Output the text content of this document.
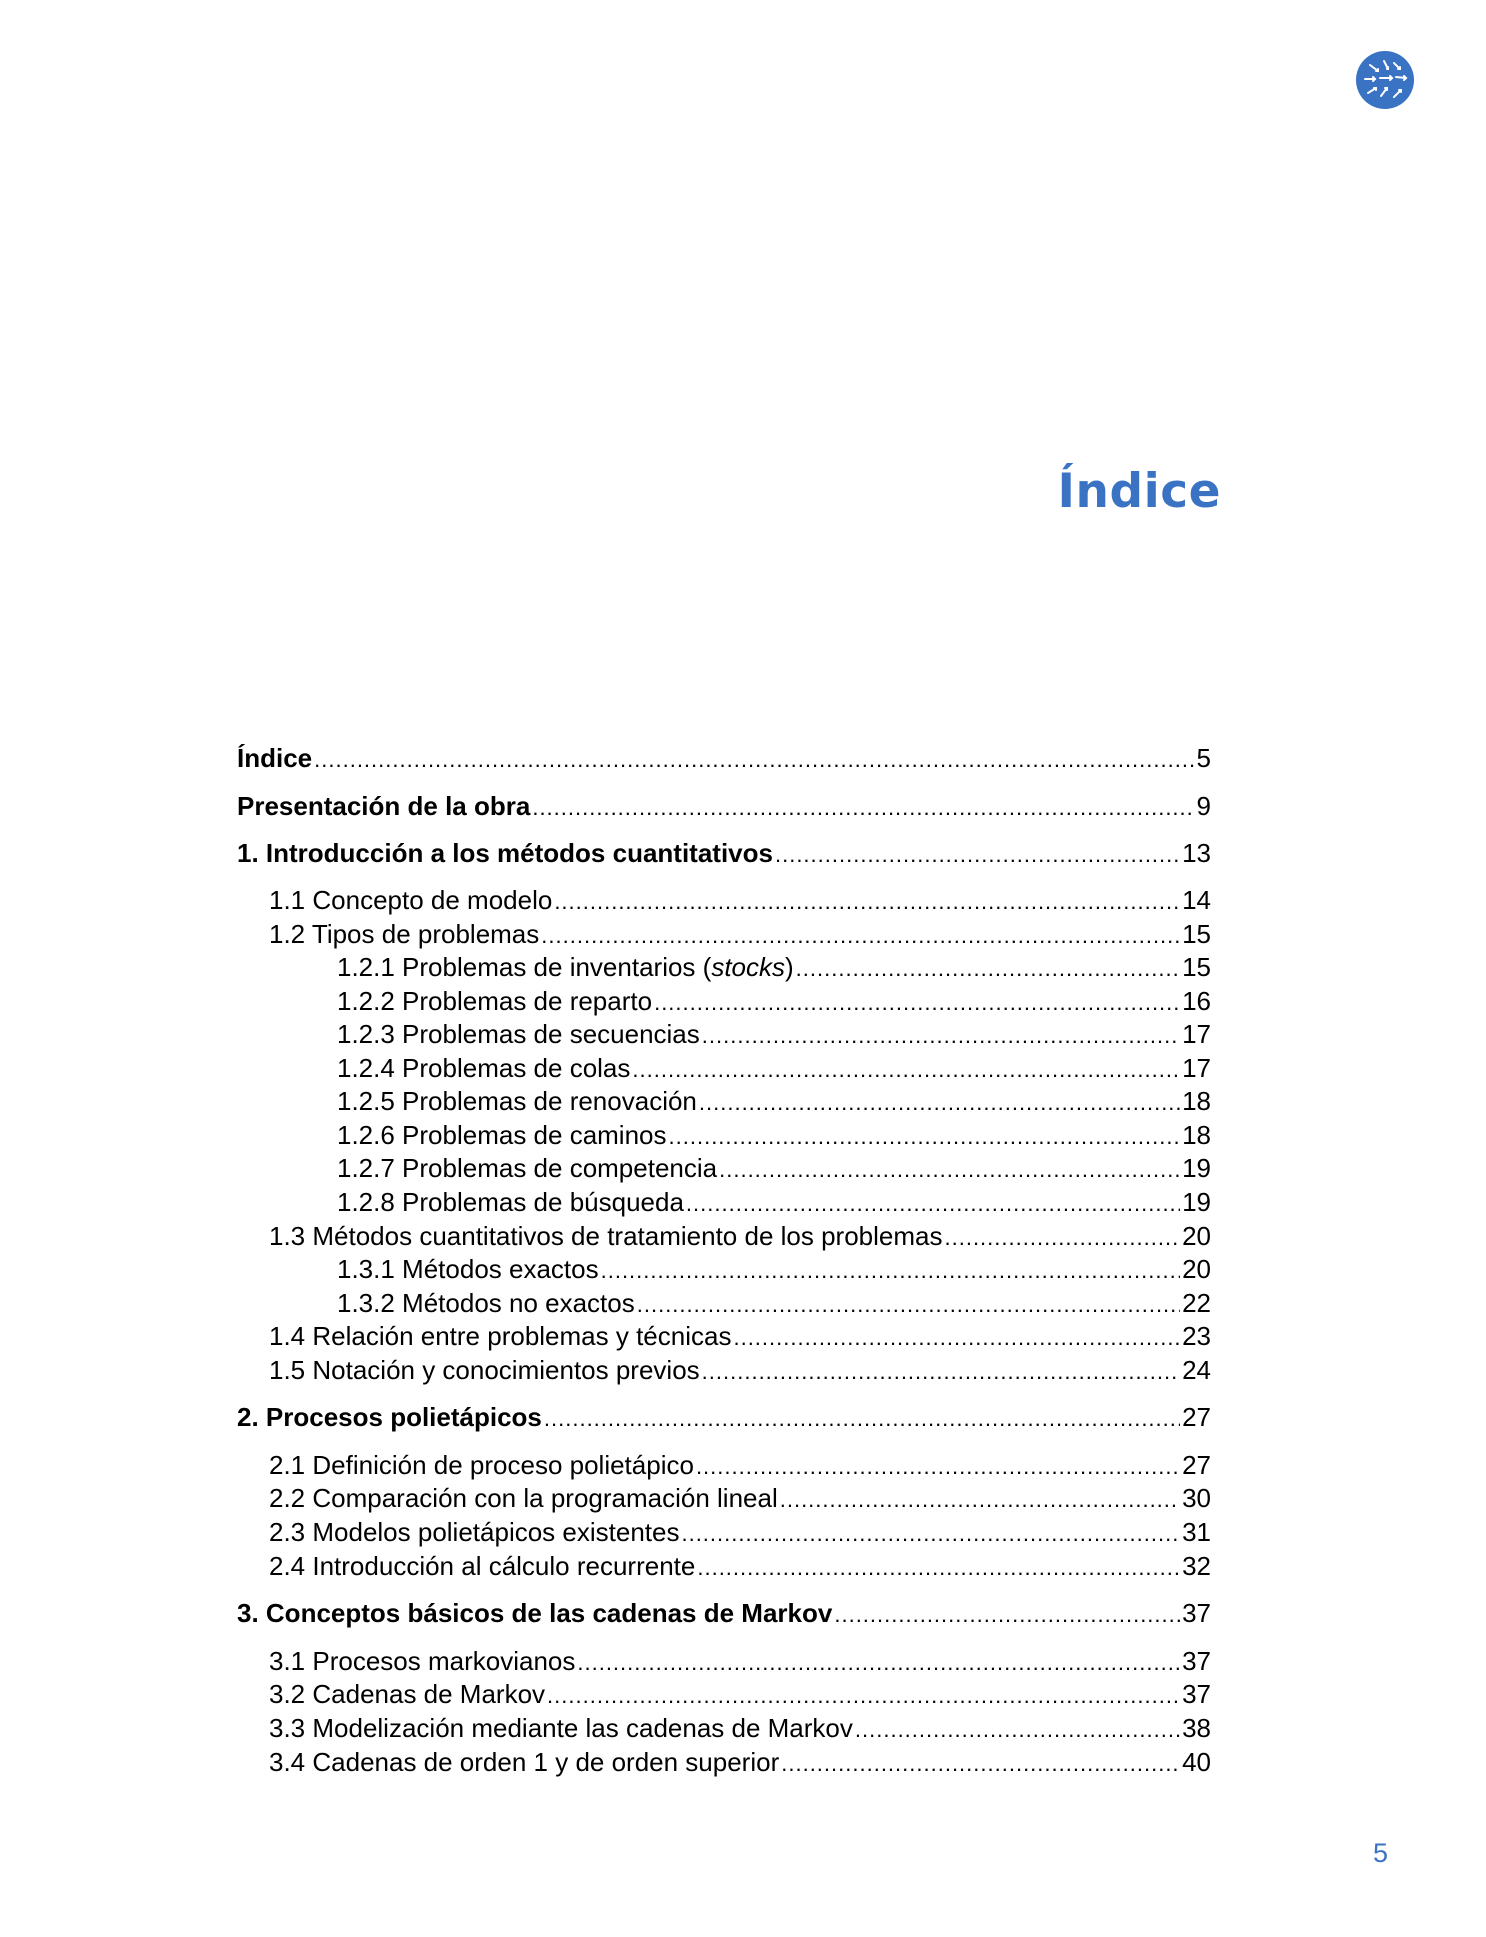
Índice
Índice .....	5
Presentación de la obra .....	9
1. Introducción a los métodos cuantitativos .....	13
1.1 Concepto de modelo .....	14
1.2 Tipos de problemas .....	15
1.2.1 Problemas de inventarios (stocks) .....	15
1.2.2 Problemas de reparto .....	16
1.2.3 Problemas de secuencias .....	17
1.2.4 Problemas de colas .....	17
1.2.5 Problemas de renovación .....	18
1.2.6 Problemas de caminos .....	18
1.2.7 Problemas de competencia .....	19
1.2.8 Problemas de búsqueda .....	19
1.3 Métodos cuantitativos de tratamiento de los problemas .....	20
1.3.1 Métodos exactos .....	20
1.3.2 Métodos no exactos .....	22
1.4 Relación entre problemas y técnicas .....	23
1.5 Notación y conocimientos previos .....	24
2. Procesos polietápicos .....	27
2.1 Definición de proceso polietápico .....	27
2.2 Comparación con la programación lineal .....	30
2.3 Modelos polietápicos existentes .....	31
2.4 Introducción al cálculo recurrente .....	32
3. Conceptos básicos de las cadenas de Markov .....	37
3.1 Procesos markovianos .....	37
3.2 Cadenas de Markov .....	37
3.3 Modelización mediante las cadenas de Markov .....	38
3.4 Cadenas de orden 1 y de orden superior .....	40
5
